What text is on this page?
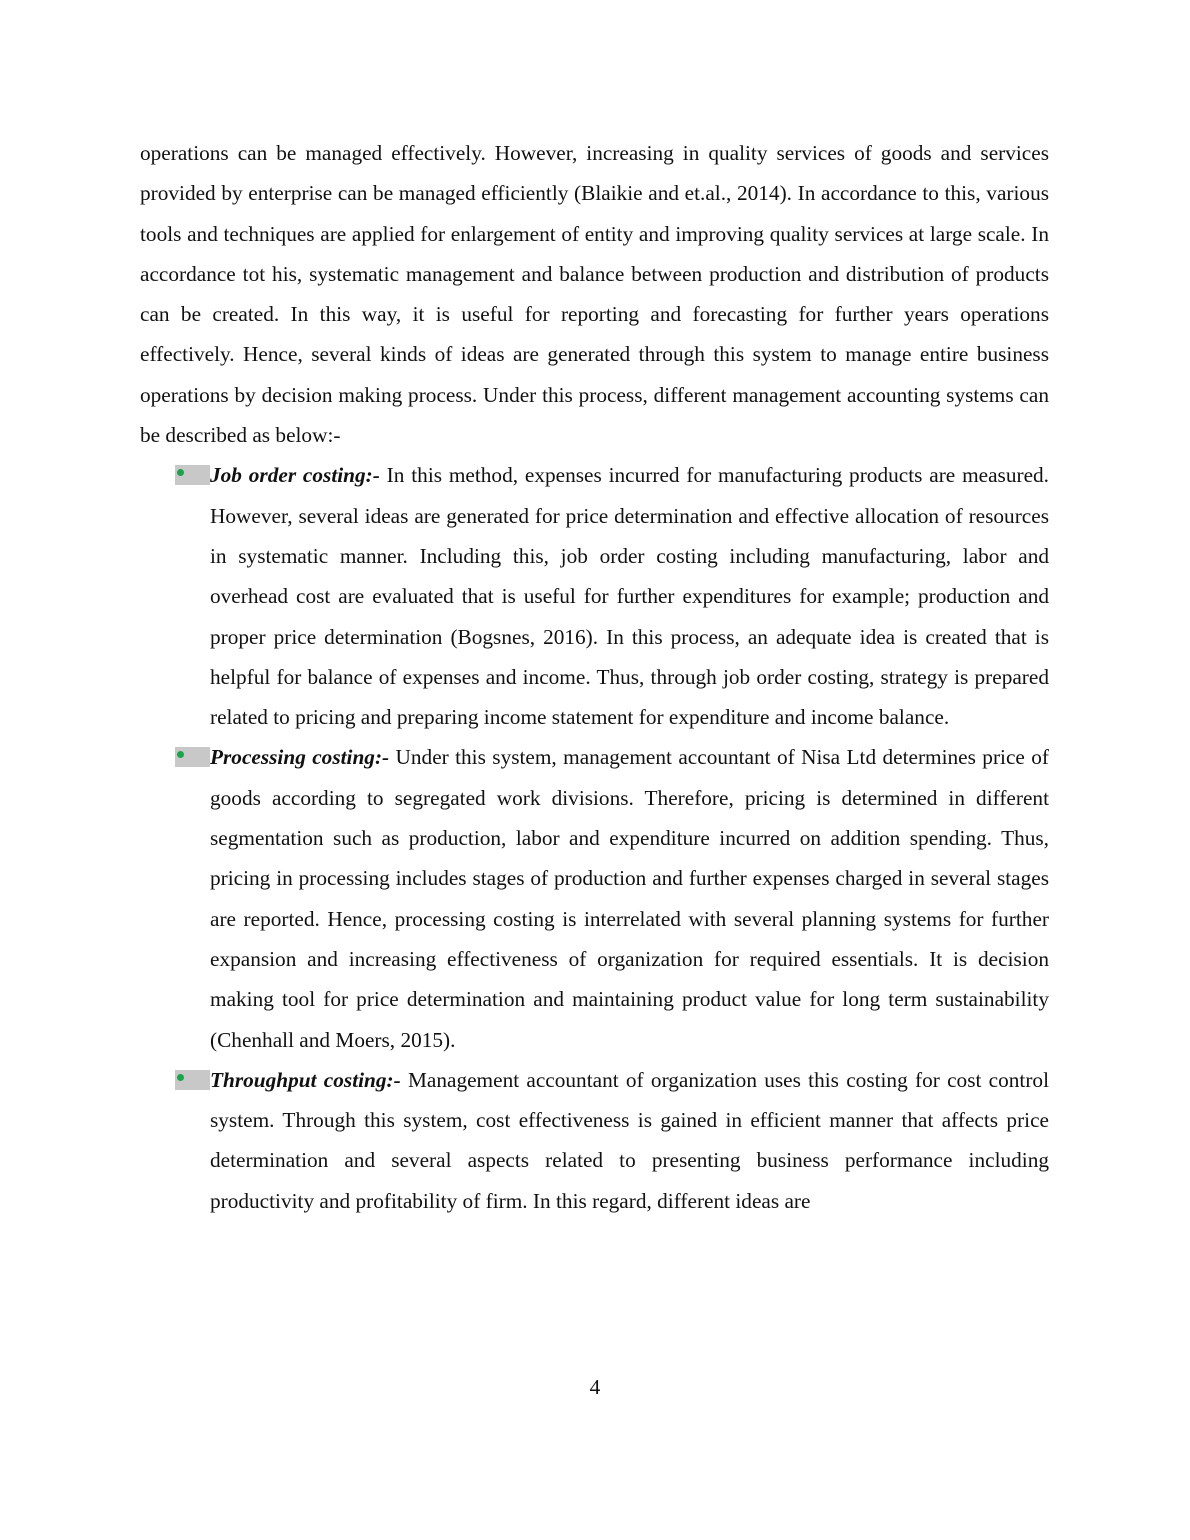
operations can be managed effectively. However, increasing in quality services of goods and services provided by enterprise can be managed efficiently (Blaikie and et.al., 2014). In accordance to this, various tools and techniques are applied for enlargement of entity and improving quality services at large scale. In accordance tot his, systematic management and balance between production and distribution of products can be created. In this way, it is useful for reporting and forecasting for further years operations effectively. Hence, several kinds of ideas are generated through this system to manage entire business operations by decision making process. Under this process, different management accounting systems can be described as below:-

Job order costing:- In this method, expenses incurred for manufacturing products are measured. However, several ideas are generated for price determination and effective allocation of resources in systematic manner. Including this, job order costing including manufacturing, labor and overhead cost are evaluated that is useful for further expenditures for example; production and proper price determination (Bogsnes, 2016). In this process, an adequate idea is created that is helpful for balance of expenses and income. Thus, through job order costing, strategy is prepared related to pricing and preparing income statement for expenditure and income balance.
Processing costing:- Under this system, management accountant of Nisa Ltd determines price of goods according to segregated work divisions. Therefore, pricing is determined in different segmentation such as production, labor and expenditure incurred on addition spending. Thus, pricing in processing includes stages of production and further expenses charged in several stages are reported. Hence, processing costing is interrelated with several planning systems for further expansion and increasing effectiveness of organization for required essentials. It is decision making tool for price determination and maintaining product value for long term sustainability (Chenhall and Moers, 2015).
Throughput costing:- Management accountant of organization uses this costing for cost control system. Through this system, cost effectiveness is gained in efficient manner that affects price determination and several aspects related to presenting business performance including productivity and profitability of firm. In this regard, different ideas are
4
